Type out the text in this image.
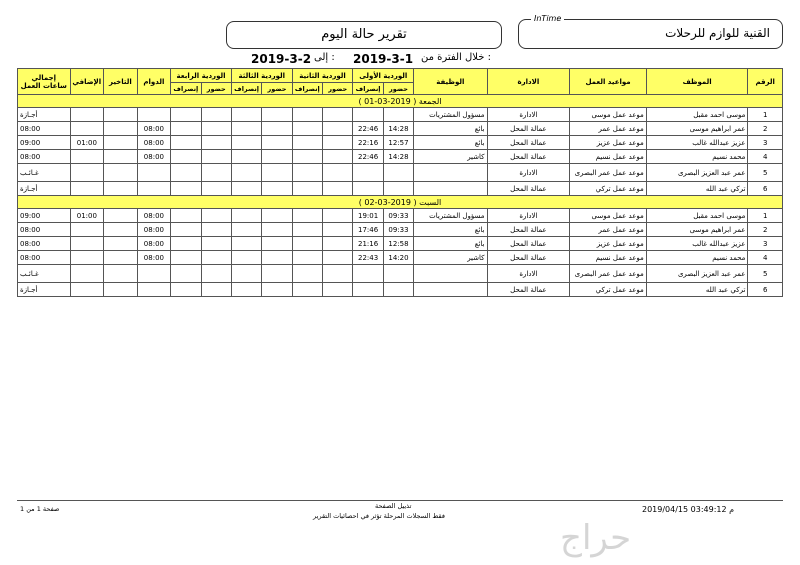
القنية للوازم للرحلات
InTime
تقرير حالة اليوم
خلال الفترة من :
2019-3-1
إلى :
2019-3-2
الرقم	الموظف	مواعيد العمل	الادارة	الوظيفة	الوردية الأولى		الوردية الثانية		الوردية الثالثة		الوردية الرابعة		الدوام	التاخير	الإضافي	إجمالي ساعات العمل
					حضور	إنصراف	حضور	إنصراف	حضور	إنصراف	حضور	إنصراف				
الجمعة ( 2019-03-01 )																
1	موسى احمد مقبل	موعد عمل موسى	الادارة	مسؤول المشتريات												أجـازة
2	عمر ابراهيم موسى	موعد عمل عمر	عمالة المحل	بائع	14:28	22:46							08:00			08:00
3	عزيز عبدالله غالب	موعد عمل عزيز	عمالة المحل	بائع	12:57	22:16							08:00		01:00	09:00
4	محمد نسيم	موعد عمل نسيم	عمالة المحل	كاشير	14:28	22:46							08:00			08:00
5	عمر عبد العزيز البصرى	موعد عمل عمر البصرى	الادارة													غـائـب
6	تركي عبد الله	موعد عمل تركي	عمالة المحل													أجـازة
السبت ( 2019-03-02 )																
1	موسى احمد مقبل	موعد عمل موسى	الادارة	مسؤول المشتريات	09:33	19:01							08:00		01:00	09:00
2	عمر ابراهيم موسى	موعد عمل عمر	عمالة المحل	بائع	09:33	17:46							08:00			08:00
3	عزيز عبدالله غالب	موعد عمل عزيز	عمالة المحل	بائع	12:58	21:16							08:00			08:00
4	محمد نسيم	موعد عمل نسيم	عمالة المحل	كاشير	14:20	22:43							08:00			08:00
5	عمر عبد العزيز البصرى	موعد عمل عمر البصرى	الادارة													غـائـب
6	تركي عبد الله	موعد عمل تركي	عمالة المحل													أجـازة
صفحة 1 من 1	تذييل الصفحة
فقط السجلات المرحلة تؤثر في احصائيات التقرير
2019/04/15 03:49:12 م
حراج
